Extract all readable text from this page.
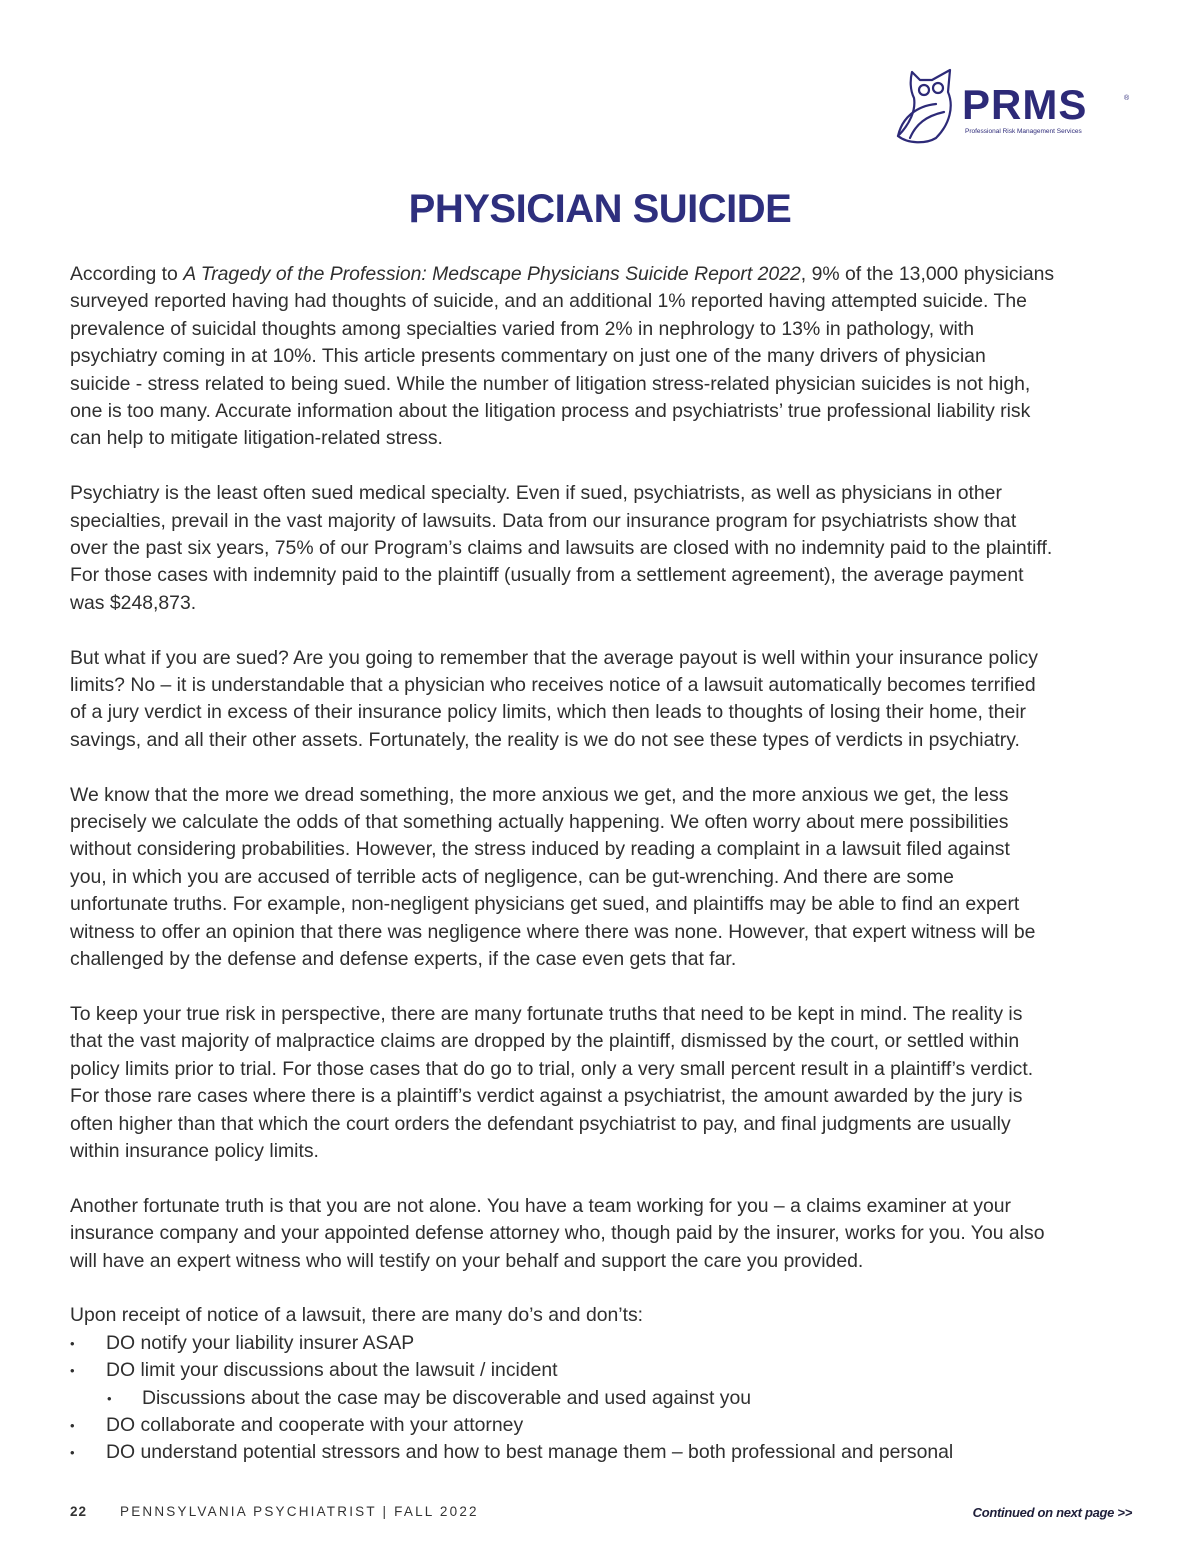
PRMS	®
Professional Risk Management Services
PHYSICIAN SUICIDE

According to A Tragedy of the Profession: Medscape Physicians Suicide Report 2022, 9% of the 13,000 physicians
surveyed reported having had thoughts of suicide, and an additional 1% reported having attempted suicide. The
prevalence of suicidal thoughts among specialties varied from 2% in nephrology to 13% in pathology, with
psychiatry coming in at 10%. This article presents commentary on just one of the many drivers of physician
suicide - stress related to being sued. While the number of litigation stress-related physician suicides is not high,
one is too many. Accurate information about the litigation process and psychiatrists’ true professional liability risk
can help to mitigate litigation-related stress.

Psychiatry is the least often sued medical specialty. Even if sued, psychiatrists, as well as physicians in other
specialties, prevail in the vast majority of lawsuits. Data from our insurance program for psychiatrists show that
over the past six years, 75% of our Program’s claims and lawsuits are closed with no indemnity paid to the plaintiff.
For those cases with indemnity paid to the plaintiff (usually from a settlement agreement), the average payment
was $248,873.

But what if you are sued? Are you going to remember that the average payout is well within your insurance policy
limits? No – it is understandable that a physician who receives notice of a lawsuit automatically becomes terrified
of a jury verdict in excess of their insurance policy limits, which then leads to thoughts of losing their home, their
savings, and all their other assets. Fortunately, the reality is we do not see these types of verdicts in psychiatry.

We know that the more we dread something, the more anxious we get, and the more anxious we get, the less
precisely we calculate the odds of that something actually happening. We often worry about mere possibilities
without considering probabilities. However, the stress induced by reading a complaint in a lawsuit filed against
you, in which you are accused of terrible acts of negligence, can be gut-wrenching. And there are some
unfortunate truths. For example, non-negligent physicians get sued, and plaintiffs may be able to find an expert
witness to offer an opinion that there was negligence where there was none. However, that expert witness will be
challenged by the defense and defense experts, if the case even gets that far.

To keep your true risk in perspective, there are many fortunate truths that need to be kept in mind. The reality is
that the vast majority of malpractice claims are dropped by the plaintiff, dismissed by the court, or settled within
policy limits prior to trial. For those cases that do go to trial, only a very small percent result in a plaintiff’s verdict.
For those rare cases where there is a plaintiff’s verdict against a psychiatrist, the amount awarded by the jury is
often higher than that which the court orders the defendant psychiatrist to pay, and final judgments are usually
within insurance policy limits.

Another fortunate truth is that you are not alone. You have a team working for you – a claims examiner at your
insurance company and your appointed defense attorney who, though paid by the insurer, works for you. You also
will have an expert witness who will testify on your behalf and support the care you provided.

Upon receipt of notice of a lawsuit, there are many do’s and don’ts:

• DO notify your liability insurer ASAP
• DO limit your discussions about the lawsuit / incident
• Discussions about the case may be discoverable and used against you
• DO collaborate and cooperate with your attorney
• DO understand potential stressors and how to best manage them – both professional and personal
22 PENNSYLVANIA PSYCHIATRIST | FALL 2022	Continued on next page >>
